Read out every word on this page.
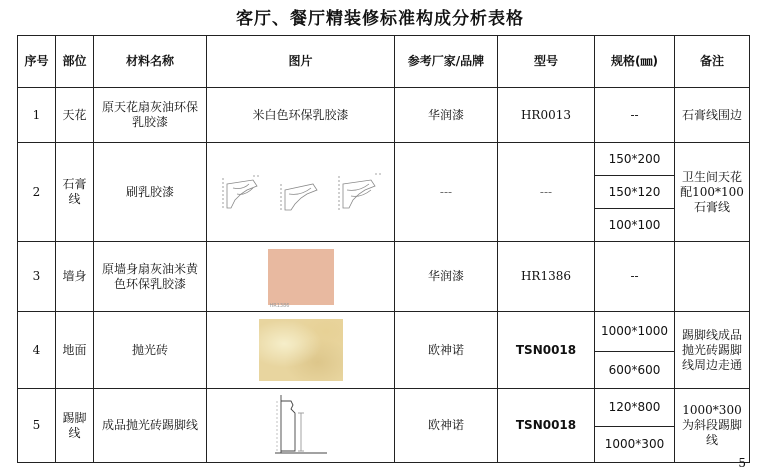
客厅、餐厅精装修标准构成分析表格
序号	部位	材料名称	图片	参考厂家/品牌	型号	规格(㎜)	备注
1	天花	原天花扇灰油环保乳胶漆	米白色环保乳胶漆	华润漆	HR0013	--	石膏线围边
2	石膏线	刷乳胶漆		---	---	150*200	卫生间天花配100*100石膏线
						150*120	
						100*100	
3	墙身	原墙身扇灰油米黄色环保乳胶漆	HR1386	华润漆	HR1386	--	
4	地面	抛光砖		欧神诺	TSN0018	1000*1000	踢脚线成品抛光砖踢脚线周边走通
						600*600	
5	踢脚线	成品抛光砖踢脚线		欧神诺	TSN0018	120*800	1000*300为斜段踢脚线
						1000*300	
5
